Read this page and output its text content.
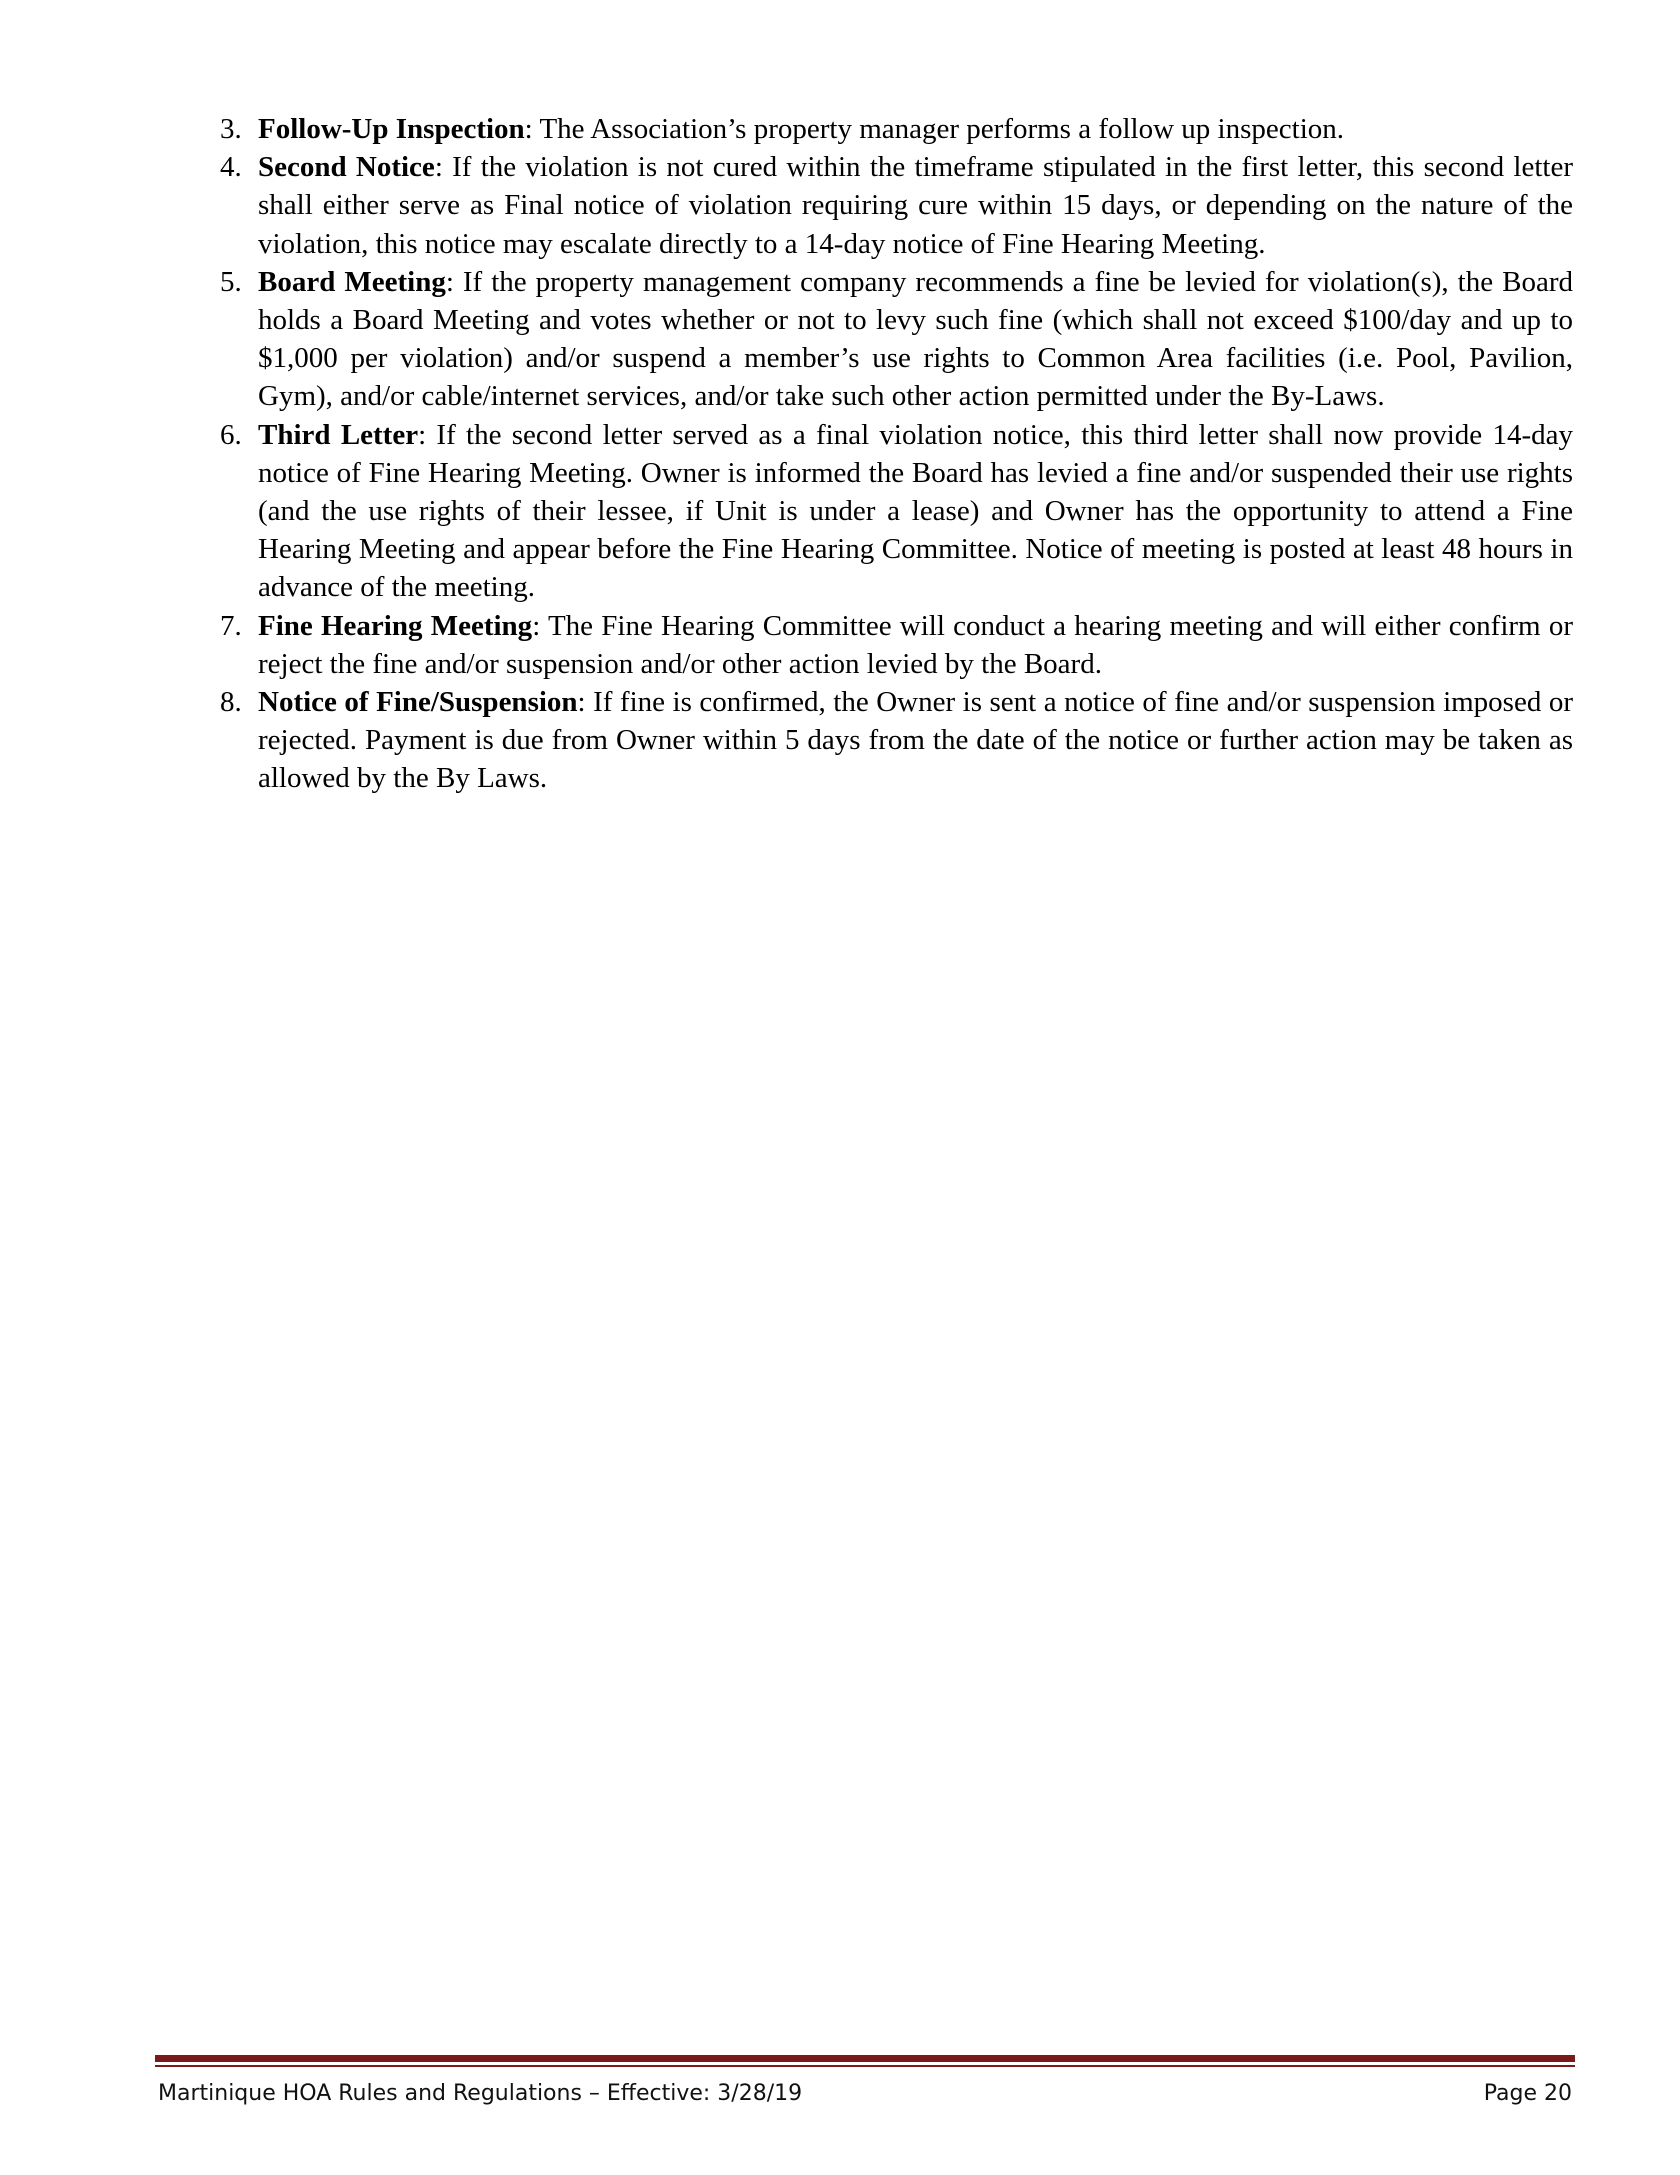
3. Follow-Up Inspection: The Association’s property manager performs a follow up inspection.
4. Second Notice: If the violation is not cured within the timeframe stipulated in the first letter, this second letter shall either serve as Final notice of violation requiring cure within 15 days, or depending on the nature of the violation, this notice may escalate directly to a 14-day notice of Fine Hearing Meeting.
5. Board Meeting: If the property management company recommends a fine be levied for violation(s), the Board holds a Board Meeting and votes whether or not to levy such fine (which shall not exceed $100/day and up to $1,000 per violation) and/or suspend a member’s use rights to Common Area facilities (i.e. Pool, Pavilion, Gym), and/or cable/internet services, and/or take such other action permitted under the By-Laws.
6. Third Letter: If the second letter served as a final violation notice, this third letter shall now provide 14-day notice of Fine Hearing Meeting. Owner is informed the Board has levied a fine and/or suspended their use rights (and the use rights of their lessee, if Unit is under a lease) and Owner has the opportunity to attend a Fine Hearing Meeting and appear before the Fine Hearing Committee. Notice of meeting is posted at least 48 hours in advance of the meeting.
7. Fine Hearing Meeting: The Fine Hearing Committee will conduct a hearing meeting and will either confirm or reject the fine and/or suspension and/or other action levied by the Board.
8. Notice of Fine/Suspension: If fine is confirmed, the Owner is sent a notice of fine and/or suspension imposed or rejected. Payment is due from Owner within 5 days from the date of the notice or further action may be taken as allowed by the By Laws.
Martinique HOA Rules and Regulations – Effective: 3/28/19	Page 20
